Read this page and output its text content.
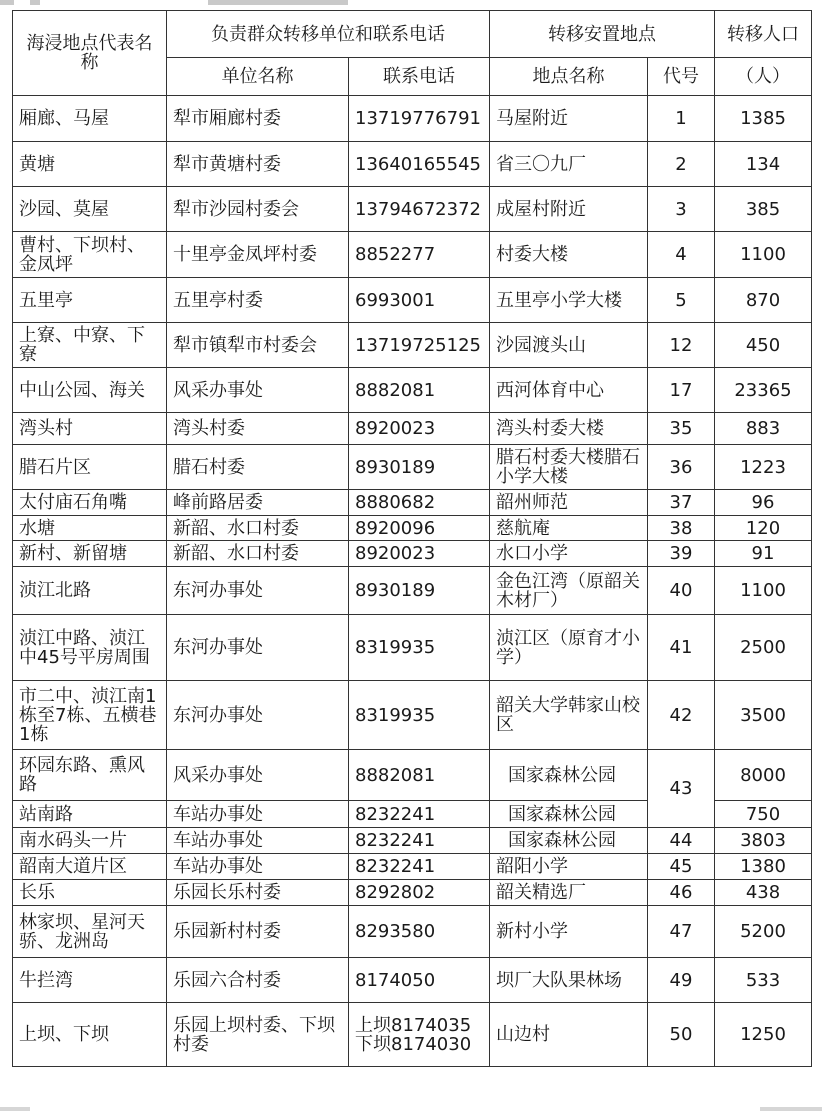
海浸地点代表名称	负责群众转移单位和联系电话		转移安置地点		转移人口
	单位名称	联系电话	地点名称	代号	（人）
厢廊、马屋	犁市厢廊村委	13719776791	马屋附近	1	1385
黄塘	犁市黄塘村委	13640165545	省三〇九厂	2	134
沙园、莫屋	犁市沙园村委会	13794672372	成屋村附近	3	385
曹村、下坝村、金凤坪	十里亭金凤坪村委	8852277	村委大楼	4	1100
五里亭	五里亭村委	6993001	五里亭小学大楼	5	870
上寮、中寮、下寮	犁市镇犁市村委会	13719725125	沙园渡头山	12	450
中山公园、海关	风采办事处	8882081	西河体育中心	17	23365
湾头村	湾头村委	8920023	湾头村委大楼	35	883
腊石片区	腊石村委	8930189	腊石村委大楼腊石小学大楼	36	1223
太付庙石角嘴	峰前路居委	8880682	韶州师范	37	96
水塘	新韶、水口村委	8920096	慈航庵	38	120
新村、新留塘	新韶、水口村委	8920023	水口小学	39	91
浈江北路	东河办事处	8930189	金色江湾（原韶关木材厂）	40	1100
浈江中路、浈江中45号平房周围	东河办事处	8319935	浈江区（原育才小学）	41	2500
市二中、浈江南1栋至7栋、五横巷1栋	东河办事处	8319935	韶关大学韩家山校区	42	3500
环园东路、熏风路	风采办事处	8882081	国家森林公园	43	8000
站南路	车站办事处	8232241	国家森林公园		750
南水码头一片	车站办事处	8232241	国家森林公园	44	3803
韶南大道片区	车站办事处	8232241	韶阳小学	45	1380
长乐	乐园长乐村委	8292802	韶关精选厂	46	438
林家坝、星河天骄、龙洲岛	乐园新村村委	8293580	新村小学	47	5200
牛拦湾	乐园六合村委	8174050	坝厂大队果林场	49	533
上坝、下坝	乐园上坝村委、下坝村委	上坝8174035下坝8174030	山边村	50	1250
